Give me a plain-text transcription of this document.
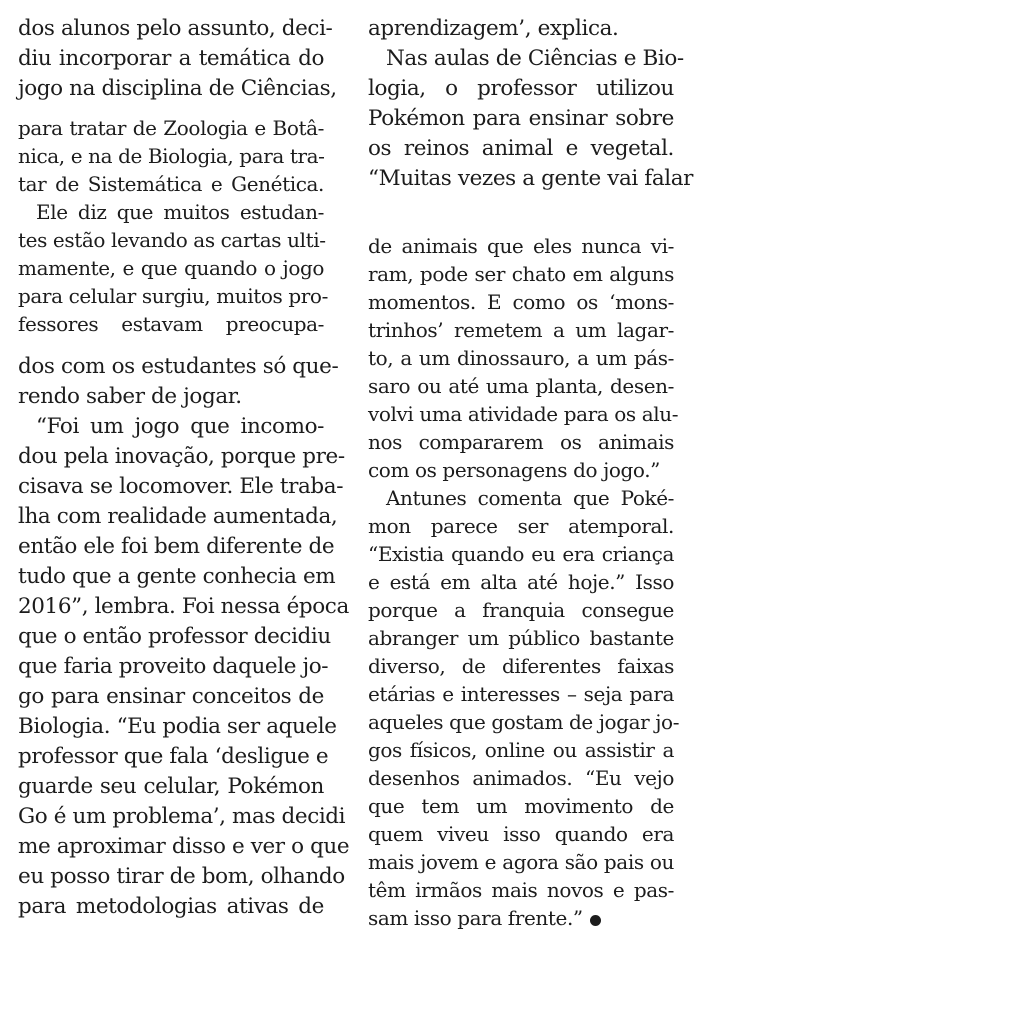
dos alunos pelo assunto, deci-
diu incorporar a temática do
jogo na disciplina de Ciências,
para tratar de Zoologia e Botâ-
nica, e na de Biologia, para tra-
tar de Sistemática e Genética.
Ele diz que muitos estudan-
tes estão levando as cartas ulti-
mamente, e que quando o jogo
para celular surgiu, muitos pro-
fessores estavam preocupa-
dos com os estudantes só que-
rendo saber de jogar.
“Foi um jogo que incomo-
dou pela inovação, porque pre-
cisava se locomover. Ele traba-
lha com realidade aumentada,
então ele foi bem diferente de
tudo que a gente conhecia em
2016”, lembra. Foi nessa época
que o então professor decidiu
que faria proveito daquele jo-
go para ensinar conceitos de
Biologia. “Eu podia ser aquele
professor que fala ‘desligue e
guarde seu celular, Pokémon
Go é um problema’, mas decidi
me aproximar disso e ver o que
eu posso tirar de bom, olhando
para metodologias ativas de
aprendizagem’, explica.
Nas aulas de Ciências e Bio-
logia, o professor utilizou
Pokémon para ensinar sobre
os reinos animal e vegetal.
“Muitas vezes a gente vai falar
de animais que eles nunca vi-
ram, pode ser chato em alguns
momentos. E como os ‘mons-
trinhos’ remetem a um lagar-
to, a um dinossauro, a um pás-
saro ou até uma planta, desen-
volvi uma atividade para os alu-
nos compararem os animais
com os personagens do jogo.”
Antunes comenta que Poké-
mon parece ser atemporal.
“Existia quando eu era criança
e está em alta até hoje.” Isso
porque a franquia consegue
abranger um público bastante
diverso, de diferentes faixas
etárias e interesses – seja para
aqueles que gostam de jogar jo-
gos físicos, online ou assistir a
desenhos animados. “Eu vejo
que tem um movimento de
quem viveu isso quando era
mais jovem e agora são pais ou
têm irmãos mais novos e pas-
sam isso para frente.”
